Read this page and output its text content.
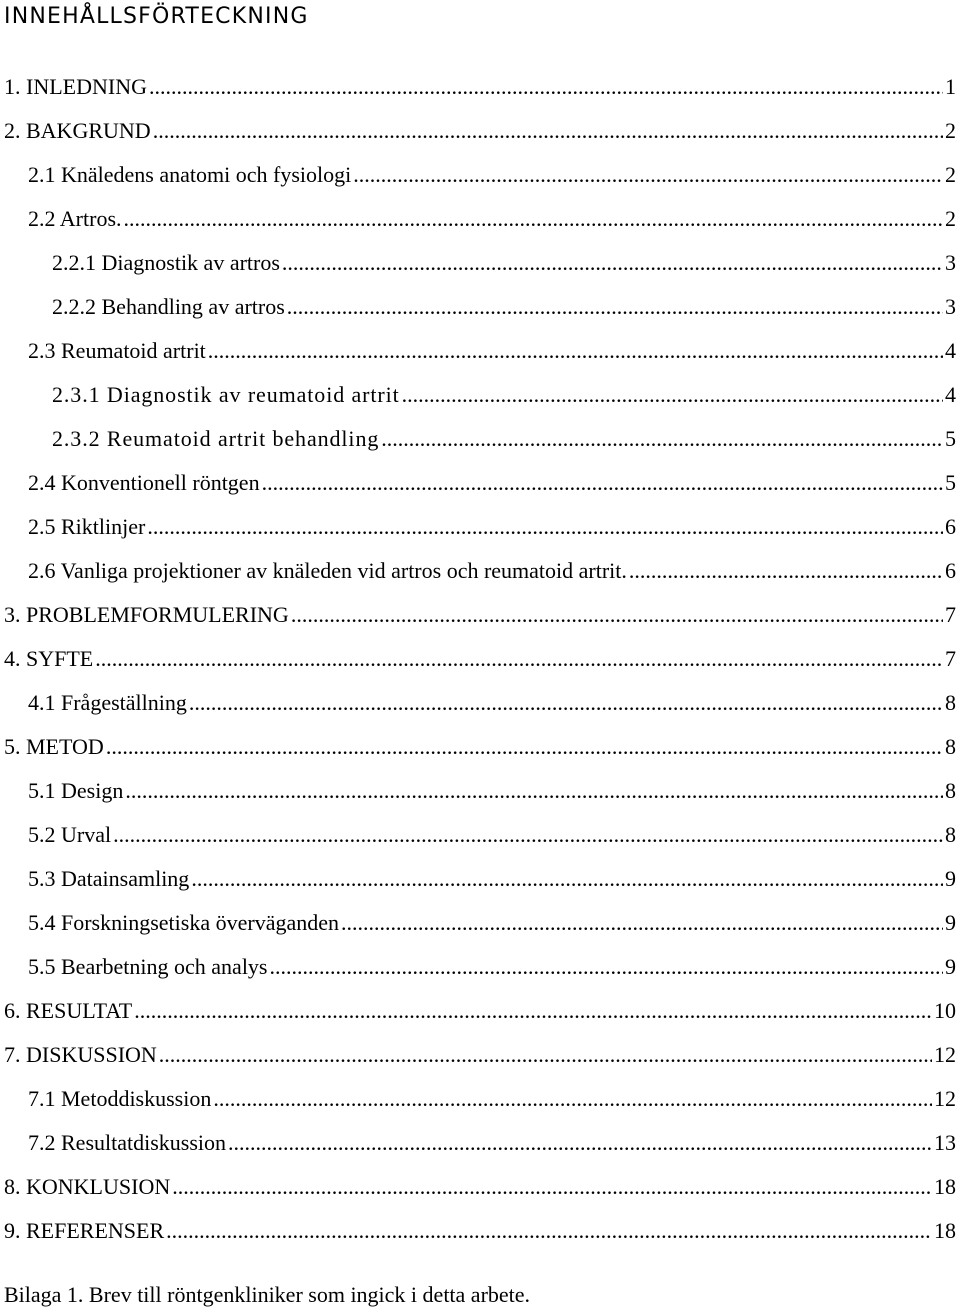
INNEHÅLLSFÖRTECKNING
1. INLEDNING .....	1
2. BAKGRUND .....	2
2.1 Knäledens anatomi och fysiologi .....	2
2.2 Artros. .....	2
2.2.1 Diagnostik av artros .....	3
2.2.2 Behandling av artros .....	3
2.3 Reumatoid artrit .....	4
2.3.1 Diagnostik av reumatoid artrit .....	4
2.3.2 Reumatoid artrit behandling .....	5
2.4 Konventionell röntgen .....	5
2.5 Riktlinjer .....	6
2.6 Vanliga projektioner av knäleden vid artros och reumatoid artrit. .....	6
3. PROBLEMFORMULERING .....	7
4. SYFTE .....	7
4.1 Frågeställning .....	8
5. METOD .....	8
5.1 Design .....	8
5.2 Urval .....	8
5.3 Datainsamling .....	9
5.4 Forskningsetiska överväganden .....	9
5.5 Bearbetning och analys .....	9
6. RESULTAT .....	10
7. DISKUSSION .....	12
7.1 Metoddiskussion .....	12
7.2 Resultatdiskussion .....	13
8. KONKLUSION .....	18
9. REFERENSER .....	18
Bilaga 1. Brev till röntgenkliniker som ingick i detta arbete.
